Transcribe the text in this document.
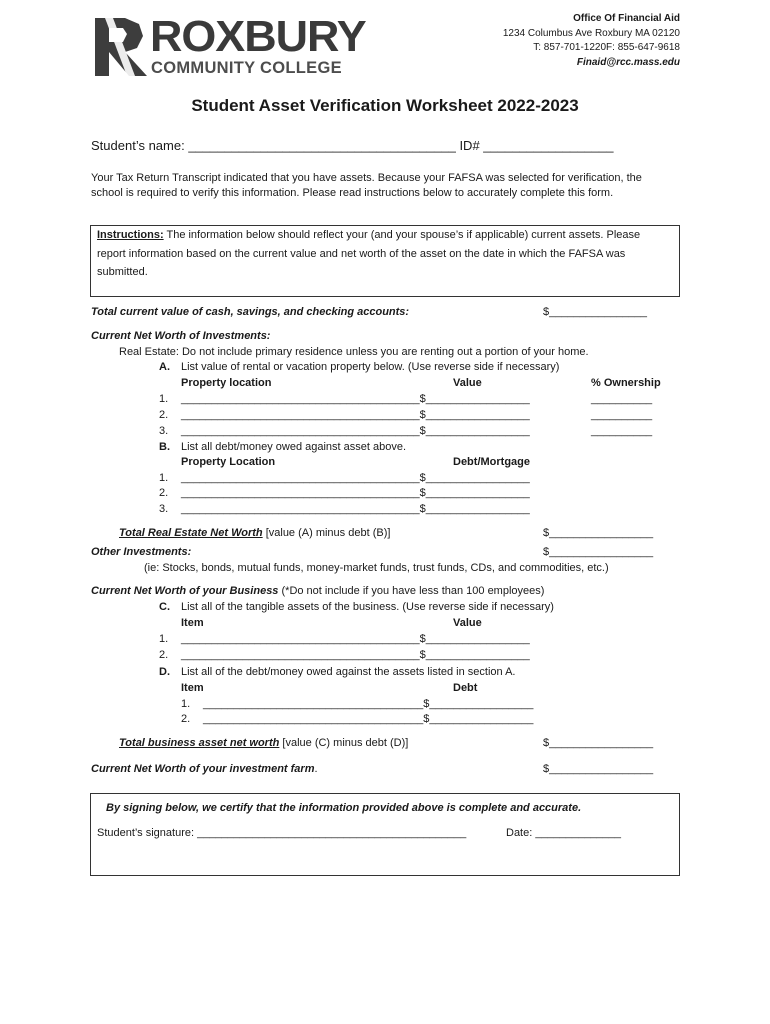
ROXBURY
COMMUNITY COLLEGE
Office Of Financial Aid
1234 Columbus Ave Roxbury MA 02120
T: 857-701-1220F: 855-647-9618
Finaid@rcc.mass.edu
Student Asset Verification Worksheet 2022-2023
Student’s name: _____________________________________ ID# __________________
Your Tax Return Transcript indicated that you have assets. Because your FAFSA was selected for verification, the
school is required to verify this information. Please read instructions below to accurately complete this form.
Instructions: The information below should reflect your (and your spouse’s if applicable) current assets. Please
report information based on the current value and net worth of the asset on the date in which the FAFSA was
submitted.
Total current value of cash, savings, and checking accounts:	$________________
Current Net Worth of Investments:
Real Estate: Do not include primary residence unless you are renting out a portion of your home.
A. List value of rental or vacation property below. (Use reverse side if necessary)
Property location	Value	% Ownership
1. _______________________________________$_________________	__________
2. _______________________________________$_________________	__________
3. _______________________________________$_________________	__________
B. List all debt/money owed against asset above.
Property Location	Debt/Mortgage
1. _______________________________________$_________________
2. _______________________________________$_________________
3. _______________________________________$_________________
Total Real Estate Net Worth [value (A) minus debt (B)]	$_________________
Other Investments:	$_________________
(ie: Stocks, bonds, mutual funds, money-market funds, trust funds, CDs, and commodities, etc.)
Current Net Worth of your Business (*Do not include if you have less than 100 employees)
C. List all of the tangible assets of the business. (Use reverse side if necessary)
Item	Value
1. _______________________________________$_________________
2. _______________________________________$_________________
D. List all of the debt/money owed against the assets listed in section A.
Item	Debt
1. ____________________________________$_________________
2. ____________________________________$_________________
Total business asset net worth [value (C) minus debt (D)]	$_________________
Current Net Worth of your investment farm.	$_________________
By signing below, we certify that the information provided above is complete and accurate.
Student’s signature: ____________________________________________	Date: ______________
